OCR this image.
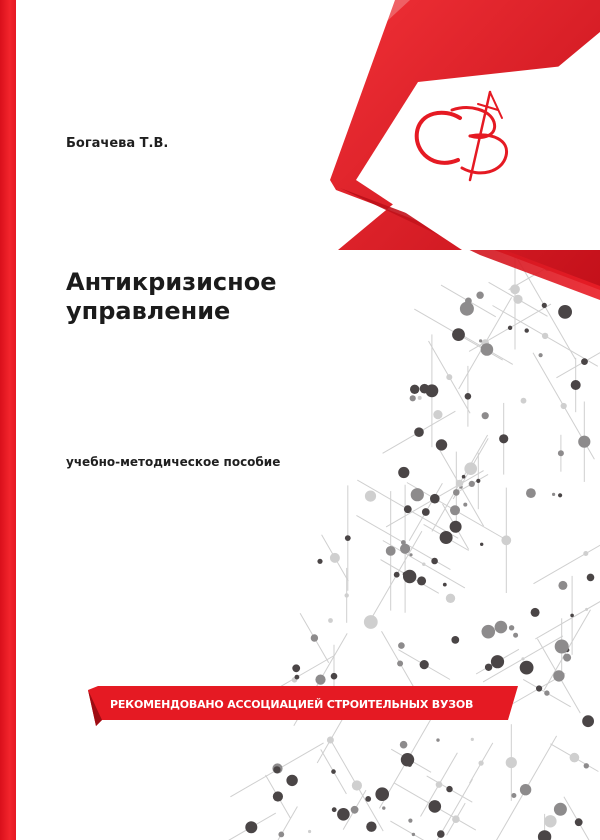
Богачева Т.В.
Антикризисное
управление
учебно-методическое пособие
РЕКОМЕНДОВАНО АССОЦИАЦИЕЙ СТРОИТЕЛЬНЫХ ВУЗОВ
